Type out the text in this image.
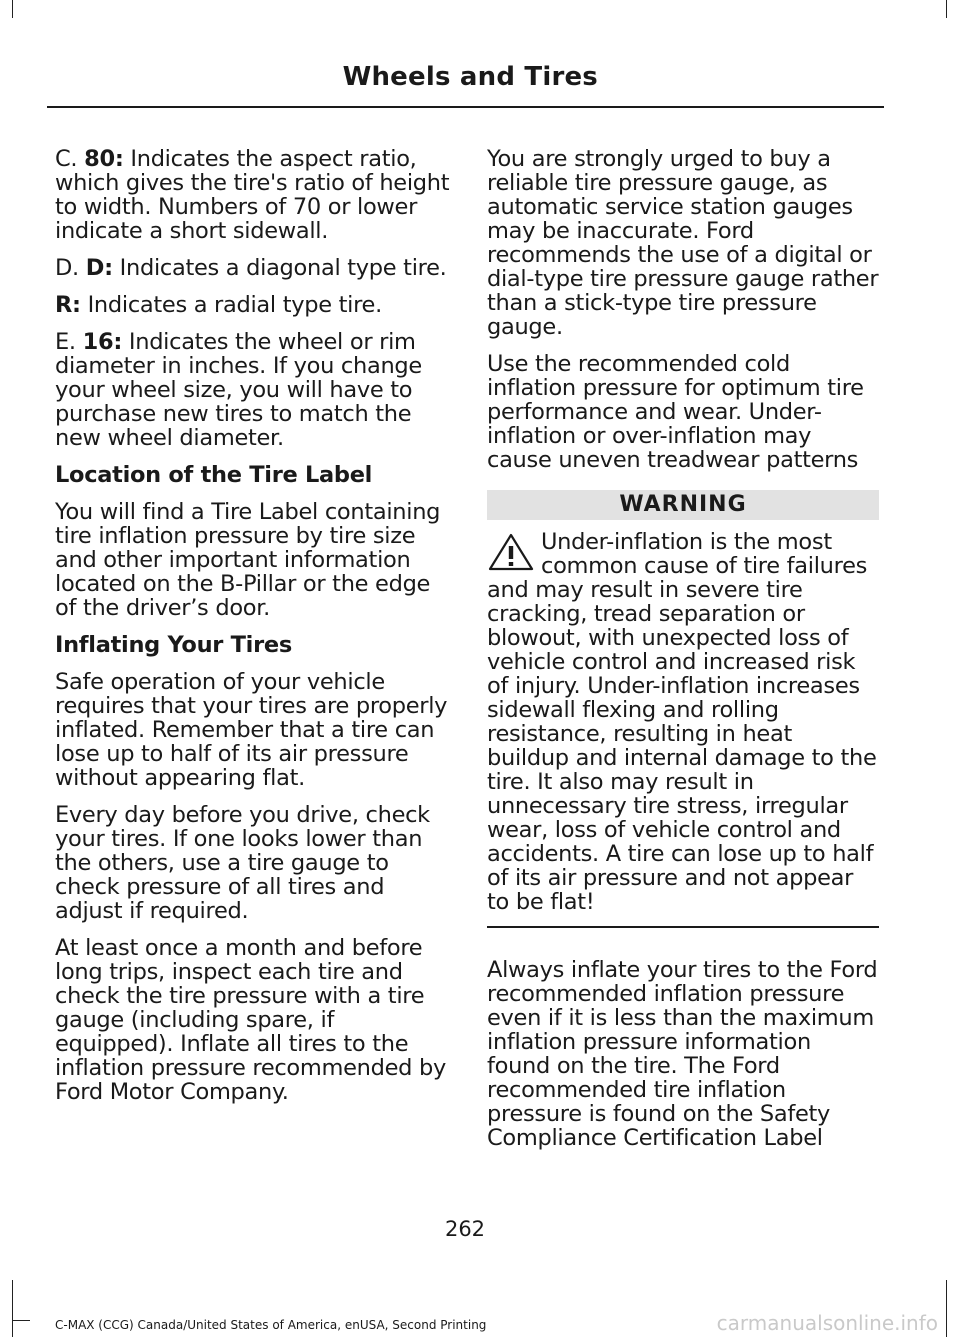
Wheels and Tires

C. 80: Indicates the aspect ratio, which gives the tire's ratio of height to width. Numbers of 70 or lower indicate a short sidewall.

D. D: Indicates a diagonal type tire.

R: Indicates a radial type tire.

E. 16: Indicates the wheel or rim diameter in inches. If you change your wheel size, you will have to purchase new tires to match the new wheel diameter.

Location of the Tire Label

You will find a Tire Label containing tire inflation pressure by tire size and other important information located on the B-Pillar or the edge of the driver’s door.

Inflating Your Tires

Safe operation of your vehicle requires that your tires are properly inflated. Remember that a tire can lose up to half of its air pressure without appearing flat.

Every day before you drive, check your tires. If one looks lower than the others, use a tire gauge to check pressure of all tires and adjust if required.

At least once a month and before long trips, inspect each tire and check the tire pressure with a tire gauge (including spare, if equipped). Inflate all tires to the inflation pressure recommended by Ford Motor Company.

You are strongly urged to buy a reliable tire pressure gauge, as automatic service station gauges may be inaccurate. Ford recommends the use of a digital or dial-type tire pressure gauge rather than a stick-type tire pressure gauge.

Use the recommended cold inflation pressure for optimum tire performance and wear. Under-inflation or over-inflation may cause uneven treadwear patterns

WARNING
Under-inflation is the most common cause of tire failures and may result in severe tire cracking, tread separation or blowout, with unexpected loss of vehicle control and increased risk of injury. Under-inflation increases sidewall flexing and rolling resistance, resulting in heat buildup and internal damage to the tire. It also may result in unnecessary tire stress, irregular wear, loss of vehicle control and accidents. A tire can lose up to half of its air pressure and not appear to be flat!

Always inflate your tires to the Ford recommended inflation pressure even if it is less than the maximum inflation pressure information found on the tire. The Ford recommended tire inflation pressure is found on the Safety Compliance Certification Label

262
C-MAX (CCG) Canada/United States of America, enUSA, Second Printing	carmanualsonline.info
